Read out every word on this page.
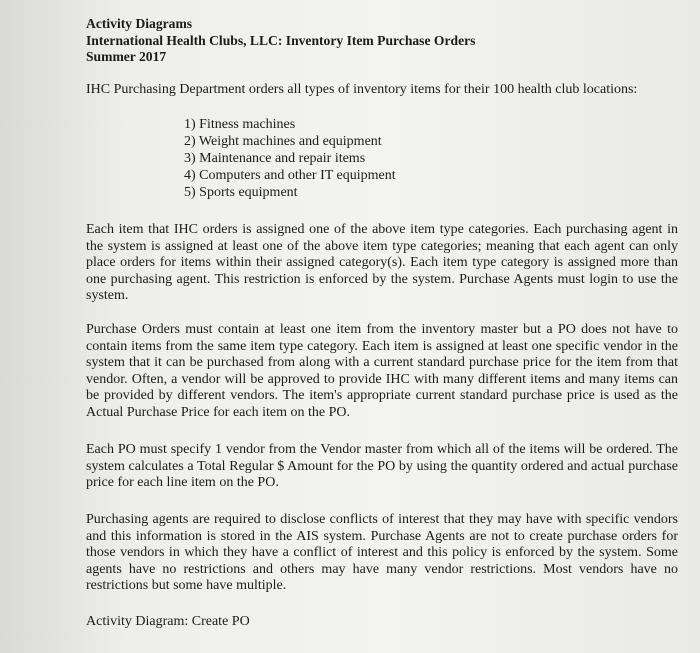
Activity Diagrams
International Health Clubs, LLC: Inventory Item Purchase Orders
Summer 2017
IHC Purchasing Department orders all types of inventory items for their 100 health club locations:
1) Fitness machines
2) Weight machines and equipment
3) Maintenance and repair items
4) Computers and other IT equipment
5) Sports equipment

Each item that IHC orders is assigned one of the above item type categories. Each purchasing agent in the system is assigned at least one of the above item type categories; meaning that each agent can only place orders for items within their assigned category(s). Each item type category is assigned more than one purchasing agent. This restriction is enforced by the system. Purchase Agents must login to use the system.

Purchase Orders must contain at least one item from the inventory master but a PO does not have to contain items from the same item type category. Each item is assigned at least one specific vendor in the system that it can be purchased from along with a current standard purchase price for the item from that vendor. Often, a vendor will be approved to provide IHC with many different items and many items can be provided by different vendors. The item's appropriate current standard purchase price is used as the Actual Purchase Price for each item on the PO.

Each PO must specify 1 vendor from the Vendor master from which all of the items will be ordered. The system calculates a Total Regular $ Amount for the PO by using the quantity ordered and actual purchase price for each line item on the PO.

Purchasing agents are required to disclose conflicts of interest that they may have with specific vendors and this information is stored in the AIS system. Purchase Agents are not to create purchase orders for those vendors in which they have a conflict of interest and this policy is enforced by the system. Some agents have no restrictions and others may have many vendor restrictions. Most vendors have no restrictions but some have multiple.

Activity Diagram: Create PO
